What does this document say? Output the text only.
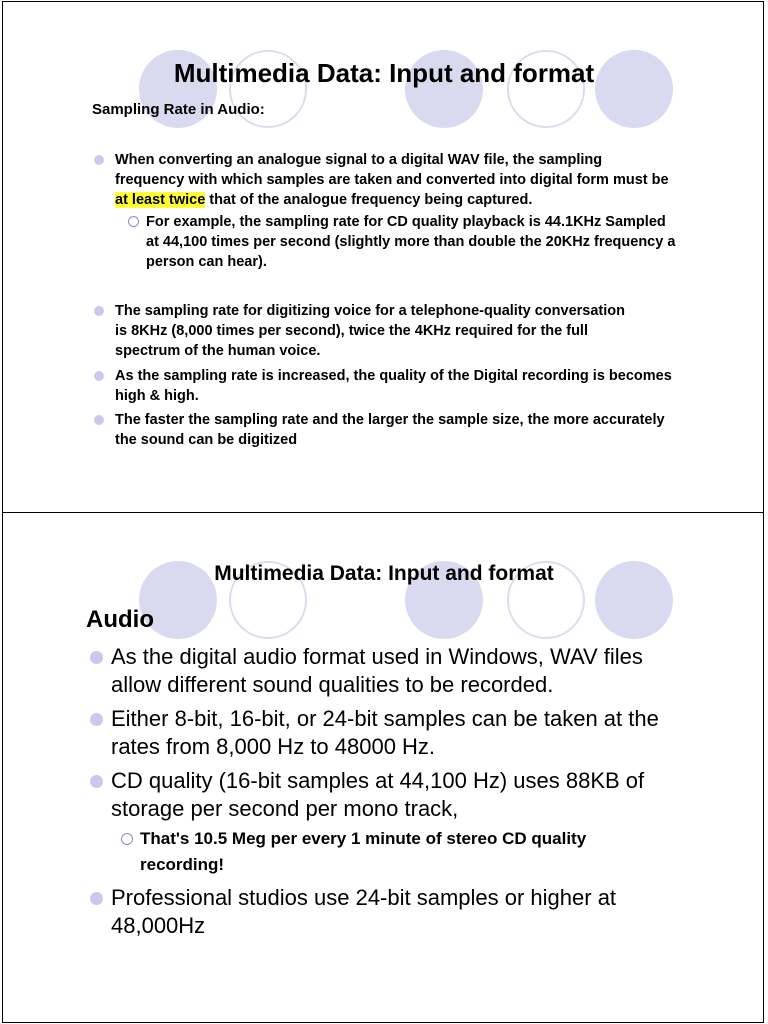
Multimedia Data: Input and format

Sampling Rate in Audio:

When converting an analogue signal to a digital WAV file, the sampling frequency with which samples are taken and converted into digital form must be at least twice that of the analogue frequency being captured.
For example, the sampling rate for CD quality playback is 44.1KHz Sampled at 44,100 times per second (slightly more than double the 20KHz frequency a person can hear).
The sampling rate for digitizing voice for a telephone-quality conversation is 8KHz (8,000 times per second), twice the 4KHz required for the full spectrum of the human voice.
As the sampling rate is increased, the quality of the Digital recording is becomes high & high.
The faster the sampling rate and the larger the sample size, the more accurately the sound can be digitized
Multimedia Data: Input and format

Audio

As the digital audio format used in Windows, WAV files allow different sound qualities to be recorded.
Either 8-bit, 16-bit, or 24-bit samples can be taken at the rates from 8,000 Hz to 48000 Hz.
CD quality (16-bit samples at 44,100 Hz) uses 88KB of storage per second per mono track,
That's 10.5 Meg per every 1 minute of stereo CD quality recording!
Professional studios use 24-bit samples or higher at 48,000Hz
